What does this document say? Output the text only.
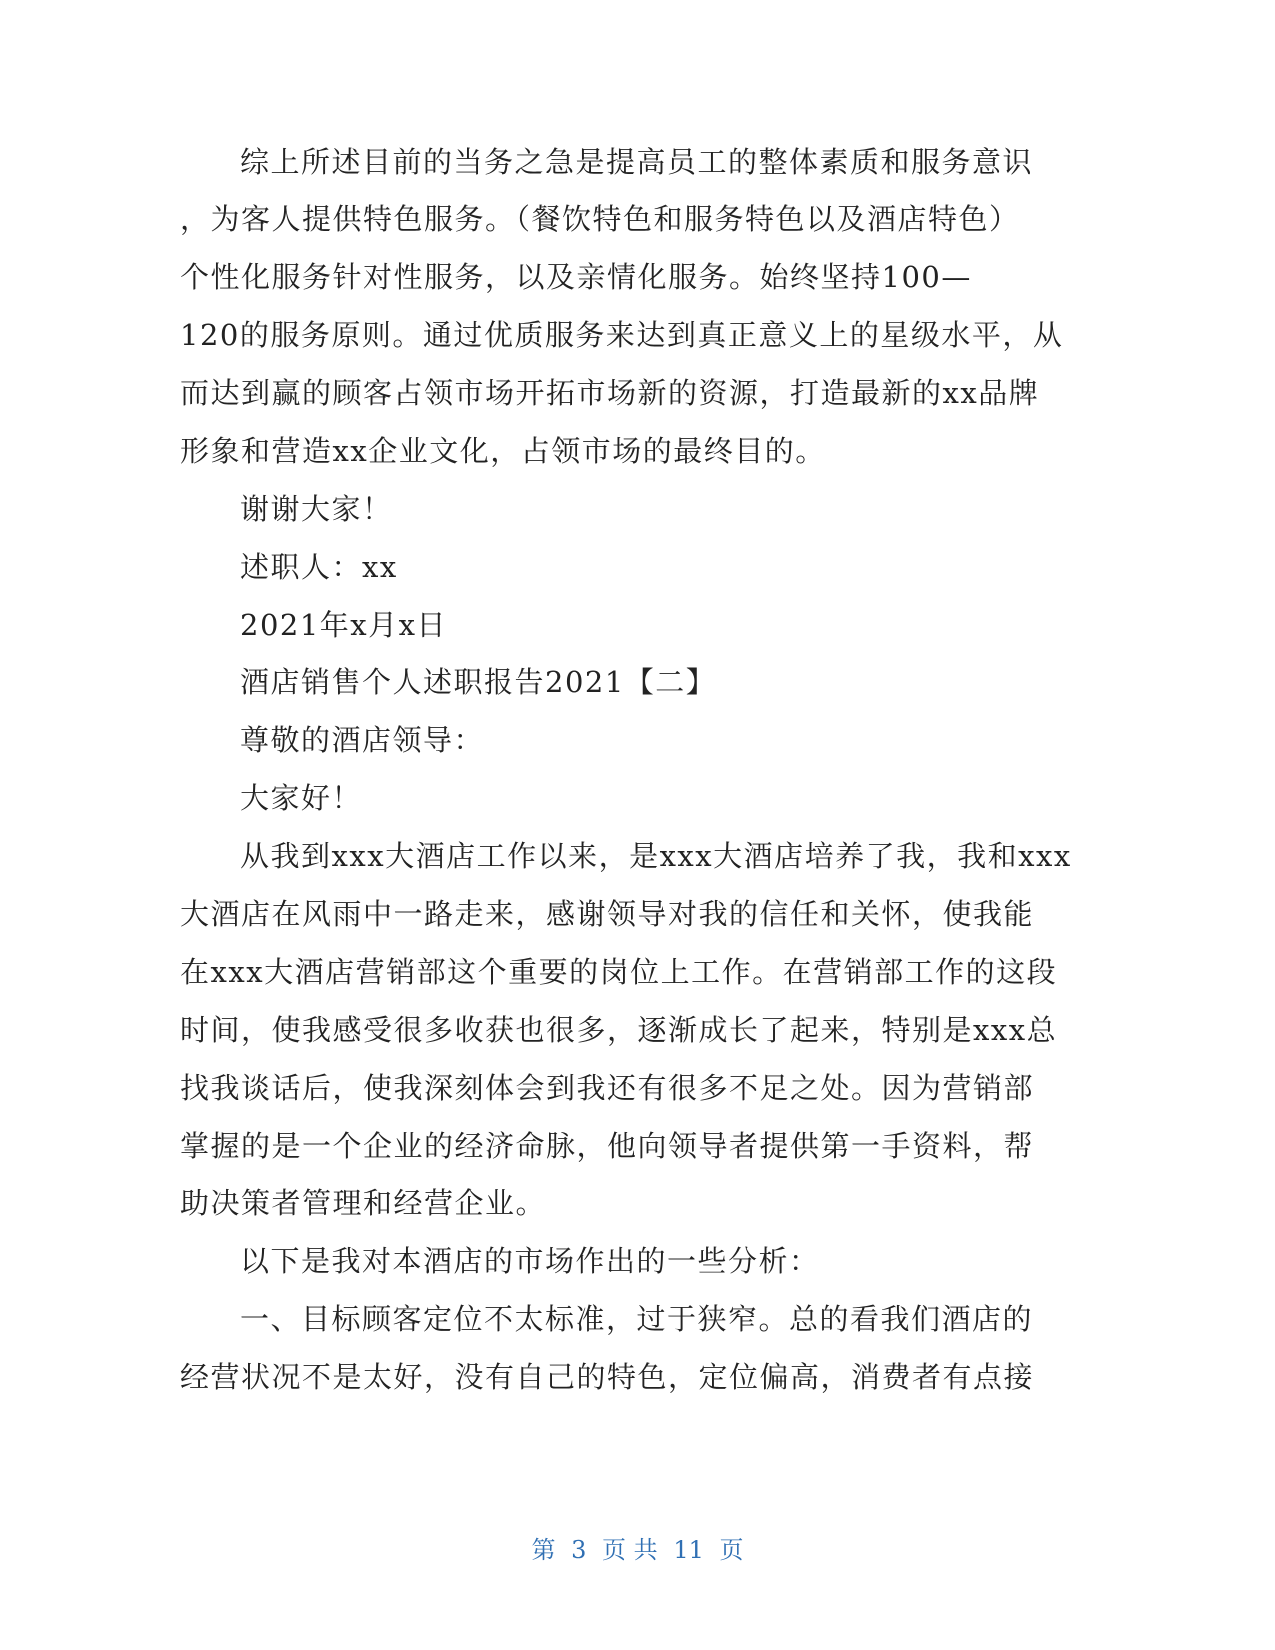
综上所述目前的当务之急是提高员工的整体素质和服务意识
，为客人提供特色服务。（餐饮特色和服务特色以及酒店特色）
个性化服务针对性服务，以及亲情化服务。始终坚持100—
120的服务原则。通过优质服务来达到真正意义上的星级水平，从
而达到赢的顾客占领市场开拓市场新的资源，打造最新的xx品牌
形象和营造xx企业文化，占领市场的最终目的。
谢谢大家！
述职人：xx
2021年x月x日
酒店销售个人述职报告2021【二】
尊敬的酒店领导：
大家好！
从我到xxx大酒店工作以来，是xxx大酒店培养了我，我和xxx
大酒店在风雨中一路走来，感谢领导对我的信任和关怀，使我能
在xxx大酒店营销部这个重要的岗位上工作。在营销部工作的这段
时间，使我感受很多收获也很多，逐渐成长了起来，特别是xxx总
找我谈话后，使我深刻体会到我还有很多不足之处。因为营销部
掌握的是一个企业的经济命脉，他向领导者提供第一手资料，帮
助决策者管理和经营企业。
以下是我对本酒店的市场作出的一些分析：
一、目标顾客定位不太标准，过于狭窄。总的看我们酒店的
经营状况不是太好，没有自己的特色，定位偏高，消费者有点接
第 3 页 共 11 页
